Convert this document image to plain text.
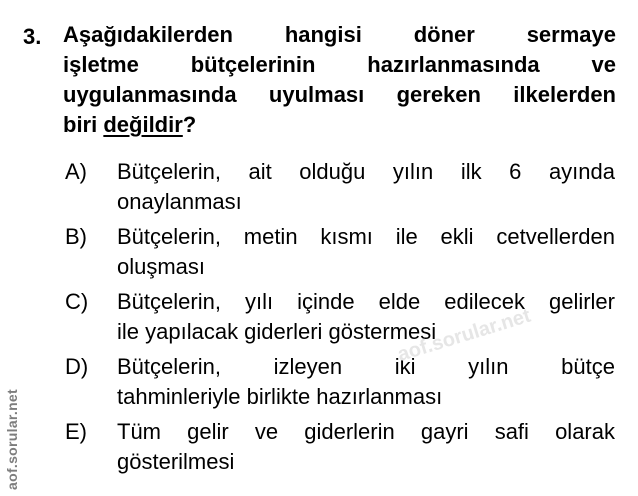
3. Aşağıdakilerden hangisi döner sermaye
işletme bütçelerinin hazırlanmasında ve
uygulanmasında uyulması gereken ilkelerden
biri değildir?
A) Bütçelerin, ait olduğu yılın ilk 6 ayında
onaylanması
B) Bütçelerin, metin kısmı ile ekli cetvellerden
oluşması
C) Bütçelerin, yılı içinde elde edilecek gelirler
ile yapılacak giderleri göstermesi
D) Bütçelerin, izleyen iki yılın bütçe
tahminleriyle birlikte hazırlanması
E) Tüm gelir ve giderlerin gayri safi olarak
gösterilmesi
aof.sorular.net
aof.sorular.net
